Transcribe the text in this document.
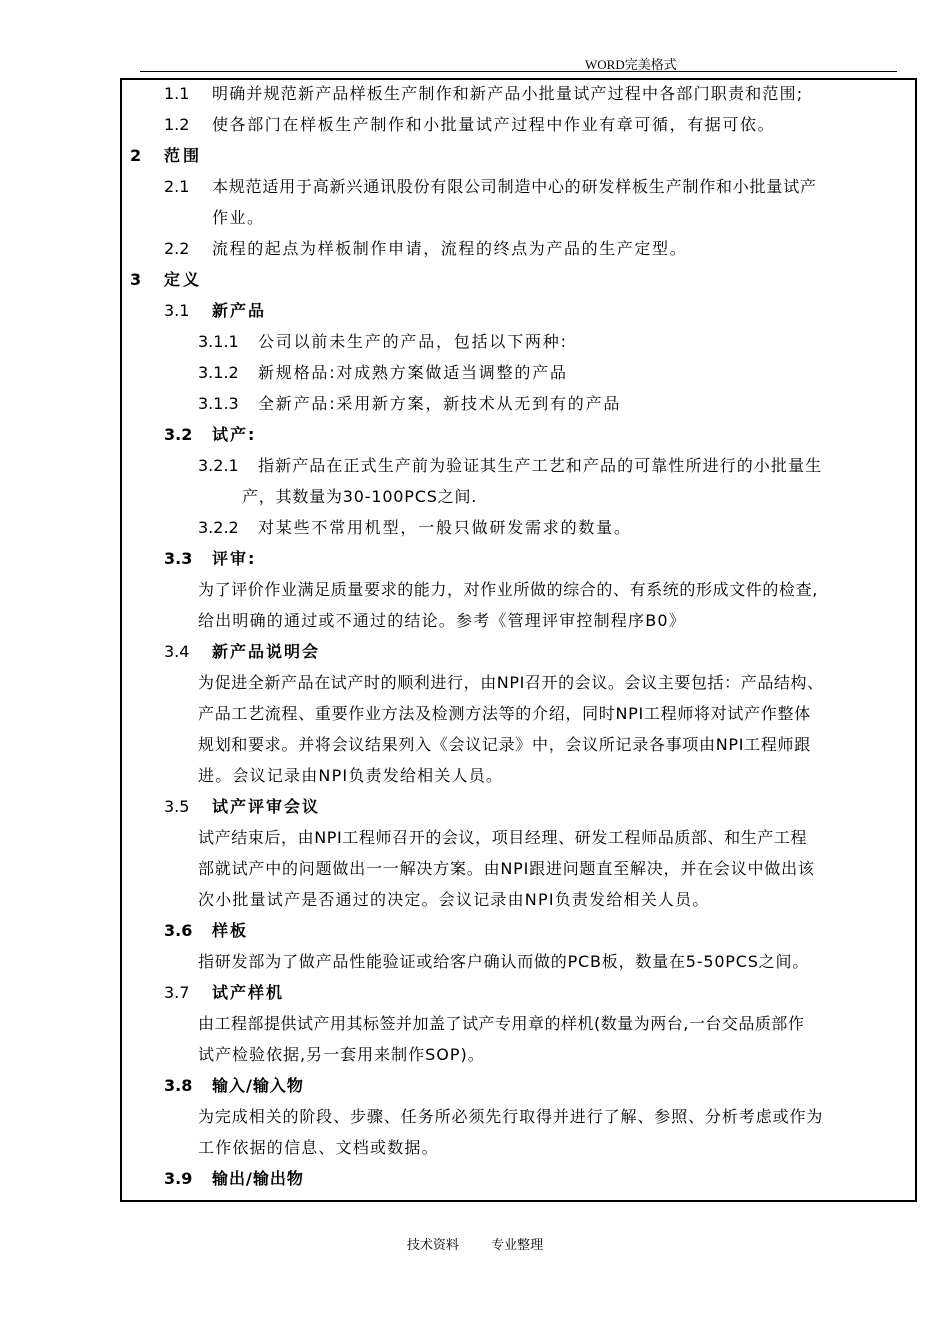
WORD完美格式
1.1 明确并规范新产品样板生产制作和新产品小批量试产过程中各部门职责和范围;
1.2 使各部门在样板生产制作和小批量试产过程中作业有章可循，有据可依。
2 范围
2.1 本规范适用于高新兴通讯股份有限公司制造中心的研发样板生产制作和小批量试产
作业。
2.2 流程的起点为样板制作申请，流程的终点为产品的生产定型。
3 定义
3.1 新产品
3.1.1 公司以前未生产的产品，包括以下两种:
3.1.2 新规格品:对成熟方案做适当调整的产品
3.1.3 全新产品:采用新方案，新技术从无到有的产品
3.2 试产:
3.2.1 指新产品在正式生产前为验证其生产工艺和产品的可靠性所进行的小批量生
产，其数量为30-100PCS之间.
3.2.2 对某些不常用机型，一般只做研发需求的数量。
3.3 评审:
为了评价作业满足质量要求的能力，对作业所做的综合的、有系统的形成文件的检查,
给出明确的通过或不通过的结论。参考《管理评审控制程序B0》
3.4 新产品说明会
为促进全新产品在试产时的顺利进行，由NPI召开的会议。会议主要包括：产品结构、
产品工艺流程、重要作业方法及检测方法等的介绍，同时NPI工程师将对试产作整体
规划和要求。并将会议结果列入《会议记录》中，会议所记录各事项由NPI工程师跟
进。会议记录由NPI负责发给相关人员。
3.5 试产评审会议
试产结束后，由NPI工程师召开的会议，项目经理、研发工程师品质部、和生产工程
部就试产中的问题做出一一解决方案。由NPI跟进问题直至解决，并在会议中做出该
次小批量试产是否通过的决定。会议记录由NPI负责发给相关人员。
3.6 样板
指研发部为了做产品性能验证或给客户确认而做的PCB板，数量在5-50PCS之间。
3.7 试产样机
由工程部提供试产用其标签并加盖了试产专用章的样机(数量为两台,一台交品质部作
试产检验依据,另一套用来制作SOP)。
3.8 输入/输入物
为完成相关的阶段、步骤、任务所必须先行取得并进行了解、参照、分析考虑或作为
工作依据的信息、文档或数据。
3.9 输出/输出物
技术资料 专业整理
